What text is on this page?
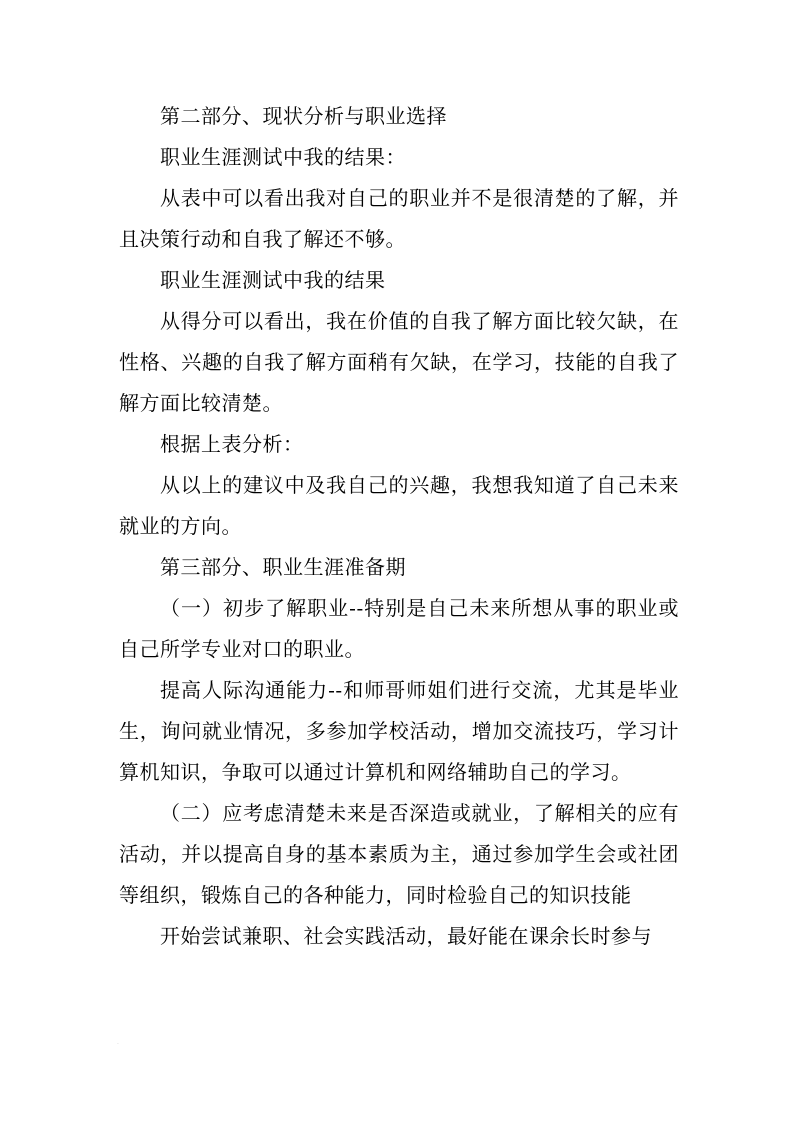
第二部分、现状分析与职业选择

职业生涯测试中我的结果：

从表中可以看出我对自己的职业并不是很清楚的了解，并且决策行动和自我了解还不够。

职业生涯测试中我的结果

从得分可以看出，我在价值的自我了解方面比较欠缺，在性格、兴趣的自我了解方面稍有欠缺，在学习，技能的自我了解方面比较清楚。

根据上表分析：

从以上的建议中及我自己的兴趣，我想我知道了自己未来就业的方向。

第三部分、职业生涯准备期

（一）初步了解职业--特别是自己未来所想从事的职业或自己所学专业对口的职业。

提高人际沟通能力--和师哥师姐们进行交流，尤其是毕业生，询问就业情况，多参加学校活动，增加交流技巧，学习计算机知识，争取可以通过计算机和网络辅助自己的学习。

（二）应考虑清楚未来是否深造或就业，了解相关的应有活动，并以提高自身的基本素质为主，通过参加学生会或社团等组织，锻炼自己的各种能力，同时检验自己的知识技能

开始尝试兼职、社会实践活动，最好能在课余长时参与

.
